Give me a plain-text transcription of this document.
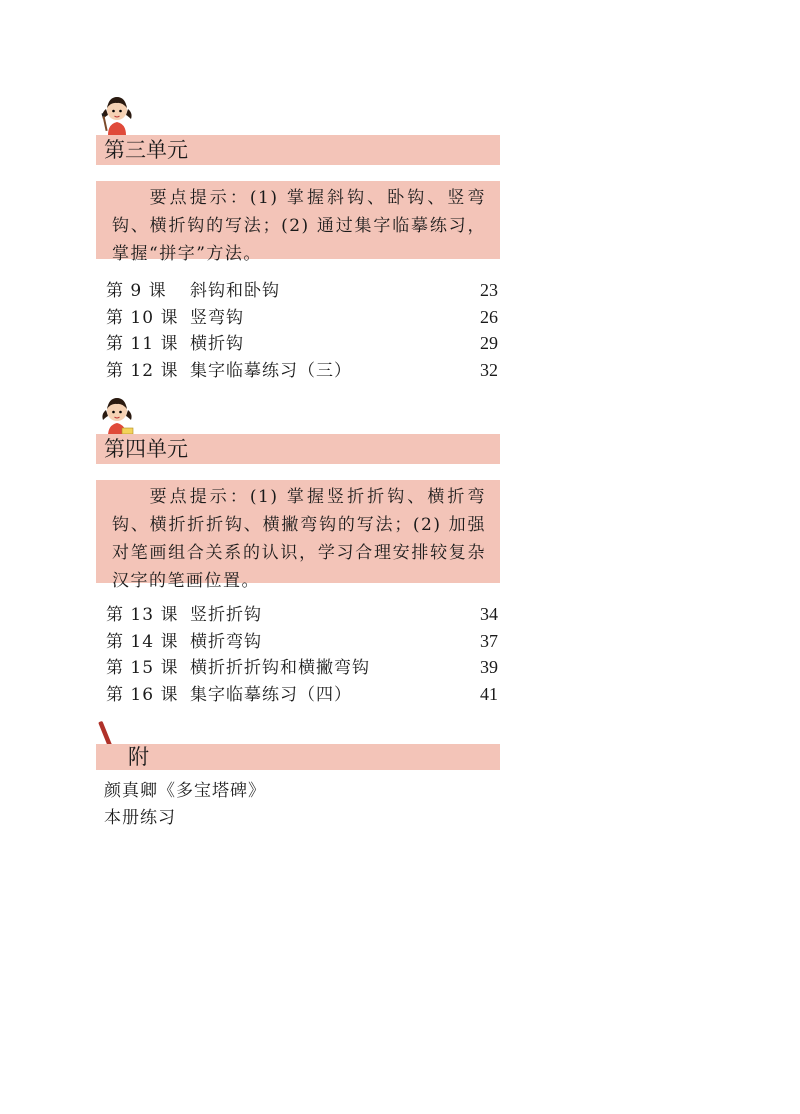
第三单元
要点提示：(1) 掌握斜钩、卧钩、竖弯钩、横折钩的写法；(2) 通过集字临摹练习，掌握“拼字”方法。
第 9 课	斜钩和卧钩	23
第 10 课 竖弯钩	26
第 11 课 横折钩	29
第 12 课 集字临摹练习（三）	32
第四单元
要点提示：(1) 掌握竖折折钩、横折弯钩、横折折折钩、横撇弯钩的写法；(2) 加强对笔画组合关系的认识，学习合理安排较复杂汉字的笔画位置。
第 13 课 竖折折钩	34
第 14 课 横折弯钩	37
第 15 课 横折折折钩和横撇弯钩	39
第 16 课 集字临摹练习（四）	41
附
颜真卿《多宝塔碑》
本册练习
